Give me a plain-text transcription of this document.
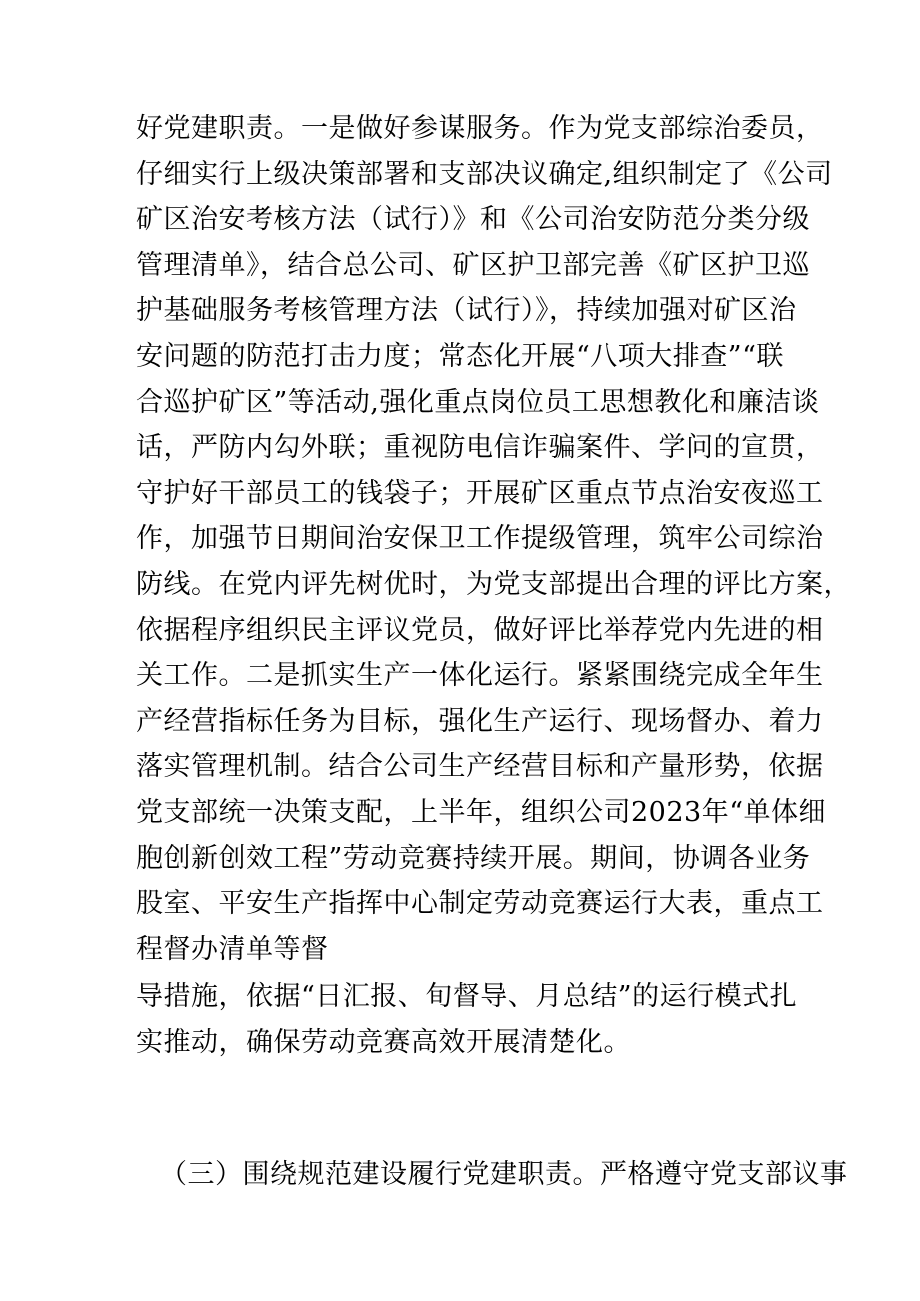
好党建职责。一是做好参谋服务。作为党支部综治委员，
仔细实行上级决策部署和支部决议确定,组织制定了《公司
矿区治安考核方法（试行）》和《公司治安防范分类分级
管理清单》，结合总公司、矿区护卫部完善《矿区护卫巡
护基础服务考核管理方法（试行）》，持续加强对矿区治
安问题的防范打击力度；常态化开展“八项大排查”“联
合巡护矿区”等活动,强化重点岗位员工思想教化和廉洁谈
话，严防内勾外联；重视防电信诈骗案件、学问的宣贯，
守护好干部员工的钱袋子；开展矿区重点节点治安夜巡工
作，加强节日期间治安保卫工作提级管理，筑牢公司综治
防线。在党内评先树优时，为党支部提出合理的评比方案，
依据程序组织民主评议党员，做好评比举荐党内先进的相
关工作。二是抓实生产一体化运行。紧紧围绕完成全年生
产经营指标任务为目标，强化生产运行、现场督办、着力
落实管理机制。结合公司生产经营目标和产量形势，依据
党支部统一决策支配，上半年，组织公司2023年“单体细
胞创新创效工程”劳动竞赛持续开展。期间，协调各业务
股室、平安生产指挥中心制定劳动竞赛运行大表，重点工
程督办清单等督
导措施，依据“日汇报、旬督导、月总结”的运行模式扎
实推动，确保劳动竞赛高效开展清楚化。
（三）围绕规范建设履行党建职责。严格遵守党支部议事
